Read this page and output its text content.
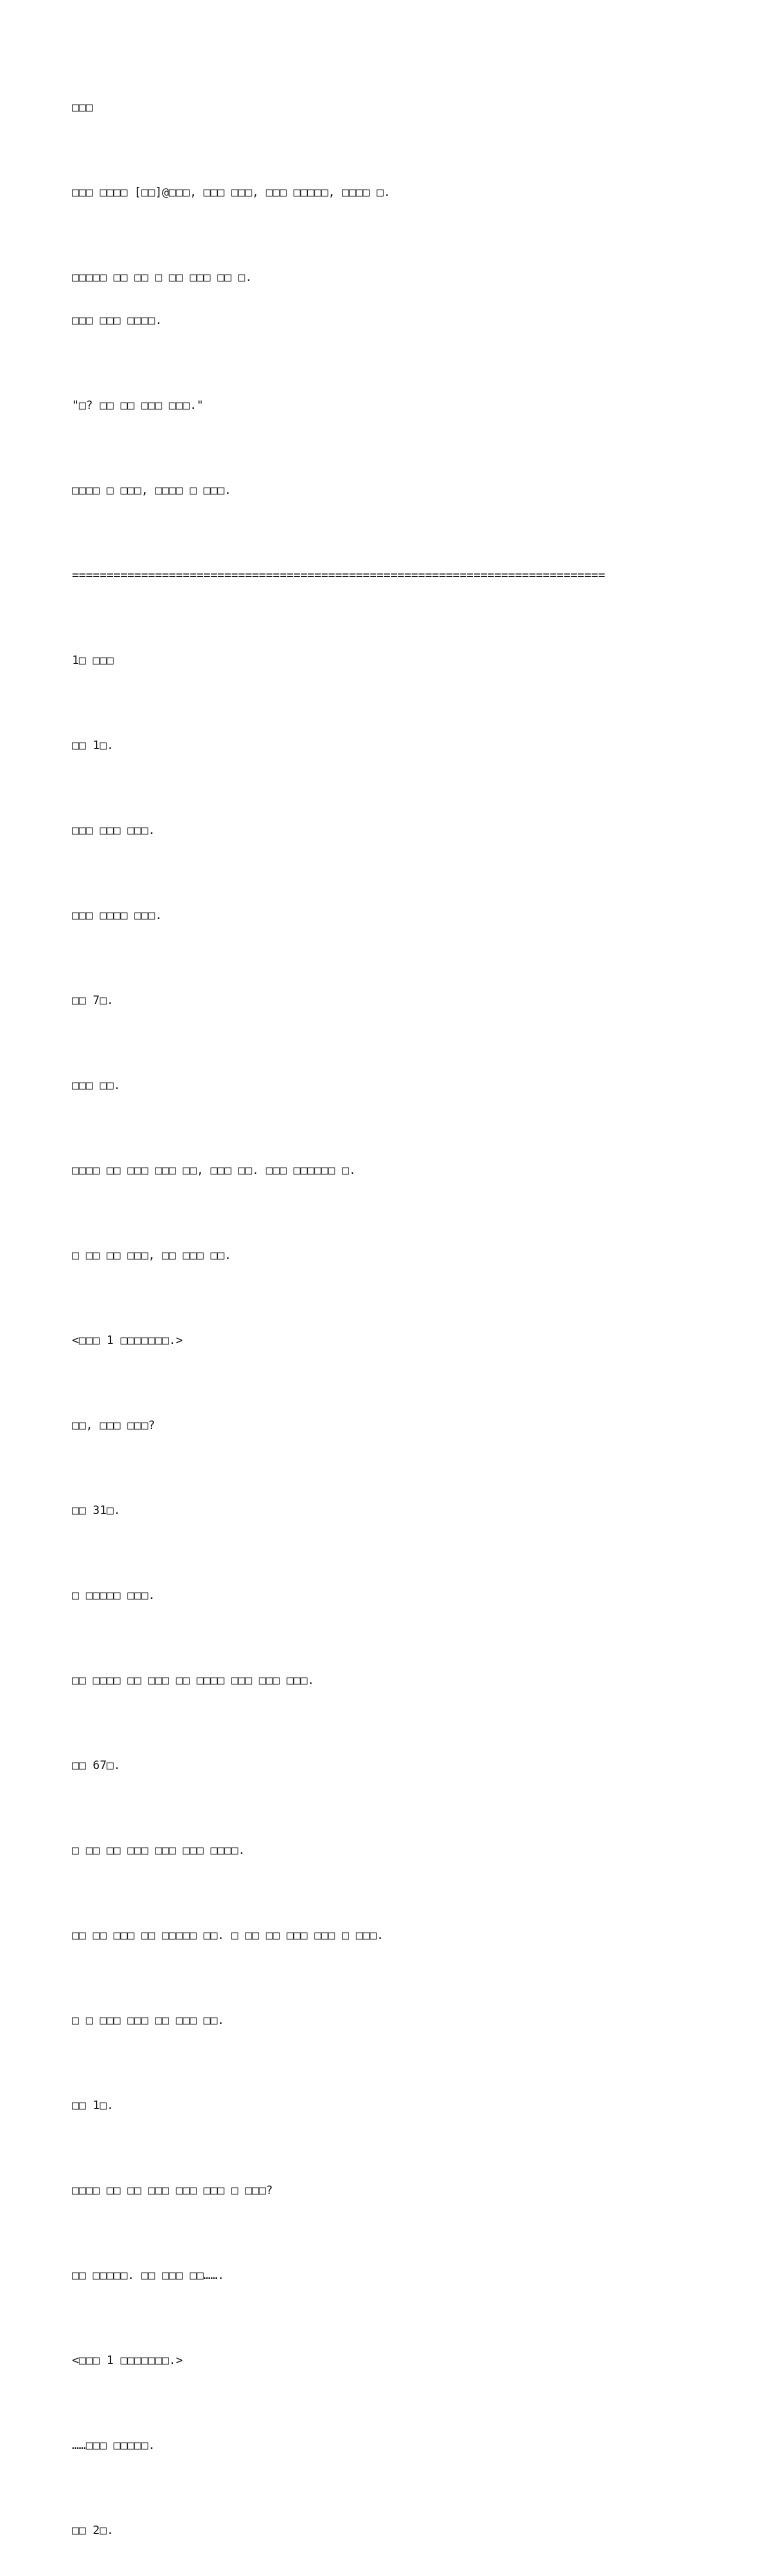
□□□

□□□ □□□□ [□□]@□□□, □□□ □□□, □□□ □□□□□, □□□□ □.

□□□□□ □□ □□ □ □□ □□□ □□ □.

□□□ □□□ □□□□.

"□? □□ □□ □□□ □□□."

□□□□ □ □□□, □□□□ □ □□□.

=============================================================================

1□ □□□

□□ 1□.

□□□ □□□ □□□.

□□□ □□□□ □□□.

□□ 7□.

□□□ □□.

□□□□ □□ □□□ □□□ □□, □□□ □□. □□□ □□□□□□ □.

□ □□ □□ □□□, □□ □□□ □□.

<□□□ 1 □□□□□□□.>

□□, □□□ □□□?

□□ 31□.

□ □□□□□ □□□.

□□ □□□□ □□ □□□ □□ □□□□ □□□ □□□ □□□.

□□ 67□.

□ □□ □□ □□□ □□□ □□□ □□□□.

□□ □□ □□□ □□ □□□□□ □□. □ □□ □□ □□□ □□□ □ □□□.

□ □ □□□ □□□ □□ □□□ □□.

□□ 1□.

□□□□ □□ □□ □□□ □□□ □□□ □ □□□?

□□ □□□□□. □□ □□□ □□…….

<□□□ 1 □□□□□□□.>

……□□□ □□□□□.

□□ 2□.
